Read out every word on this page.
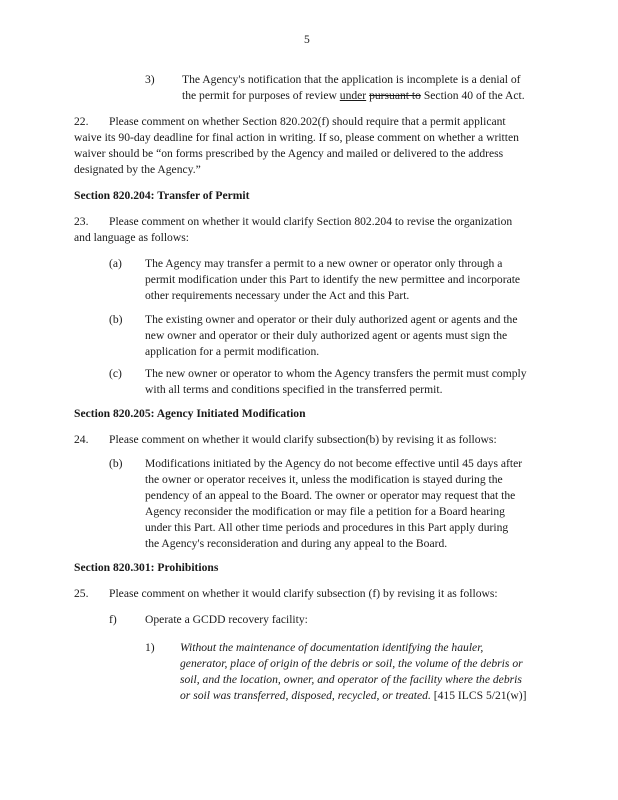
5
3) The Agency's notification that the application is incomplete is a denial of
the permit for purposes of review under pursuant to Section 40 of the Act.
22. Please comment on whether Section 820.202(f) should require that a permit applicant
waive its 90-day deadline for final action in writing. If so, please comment on whether a written
waiver should be “on forms prescribed by the Agency and mailed or delivered to the address
designated by the Agency.”
Section 820.204: Transfer of Permit
23. Please comment on whether it would clarify Section 802.204 to revise the organization
and language as follows:
(a) The Agency may transfer a permit to a new owner or operator only through a
permit modification under this Part to identify the new permittee and incorporate
other requirements necessary under the Act and this Part.
(b) The existing owner and operator or their duly authorized agent or agents and the
new owner and operator or their duly authorized agent or agents must sign the
application for a permit modification.
(c) The new owner or operator to whom the Agency transfers the permit must comply
with all terms and conditions specified in the transferred permit.
Section 820.205: Agency Initiated Modification
24. Please comment on whether it would clarify subsection(b) by revising it as follows:
(b) Modifications initiated by the Agency do not become effective until 45 days after
the owner or operator receives it, unless the modification is stayed during the
pendency of an appeal to the Board. The owner or operator may request that the
Agency reconsider the modification or may file a petition for a Board hearing
under this Part. All other time periods and procedures in this Part apply during
the Agency's reconsideration and during any appeal to the Board.
Section 820.301: Prohibitions
25. Please comment on whether it would clarify subsection (f) by revising it as follows:
f) Operate a GCDD recovery facility:
1) Without the maintenance of documentation identifying the hauler,
generator, place of origin of the debris or soil, the volume of the debris or
soil, and the location, owner, and operator of the facility where the debris
or soil was transferred, disposed, recycled, or treated. [415 ILCS 5/21(w)]
